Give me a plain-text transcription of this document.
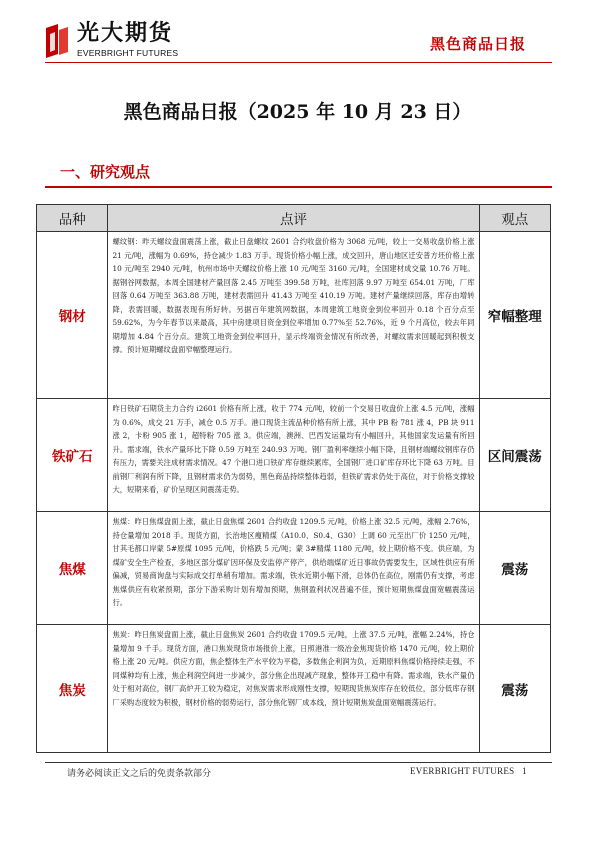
光大期货
EVERBRIGHT FUTURES	黑色商品日报
黑色商品日报（2025 年 10 月 23 日）
一、研究观点
品种	点评	观点
钢材	螺纹钢：昨天螺纹盘面震荡上涨，截止日盘螺纹 2601 合约收盘价格为 3068 元/吨，较上一交易收盘价格上涨 21 元/吨，涨幅为 0.69%，持仓减少 1.83 万手。现货价格小幅上涨，成交回升，唐山地区迁安普方坯价格上涨 10 元/吨至 2940 元/吨，杭州市场中天螺纹价格上涨 10 元/吨至 3160 元/吨，全国建材成交量 10.76 万吨。据钢谷网数据，本周全国建材产量回落 2.45 万吨至 399.58 万吨，社库回落 9.97 万吨至 654.01 万吨，厂库回落 0.64 万吨至 363.88 万吨，建材表需回升 41.43 万吨至 410.19 万吨。建材产量继续回落，库存由增转降，表需回暖，数据表现有所好转。另据百年建筑网数据，本周建筑工地资金到位率回升 0.18 个百分点至 59.62%，为今年春节以来最高，其中房建项目资金到位率增加 0.77%至 52.76%，近 9 个月高位，较去年同期增加 4.84 个百分点。建筑工地资金到位率回升，显示终端资金情况有所改善，对螺纹需求回暖起到积极支撑。预计短期螺纹盘面窄幅整理运行。	窄幅整理
铁矿石	昨日铁矿石期货主力合约 i2601 价格有所上涨，收于 774 元/吨，较前一个交易日收盘价上涨 4.5 元/吨，涨幅为 0.6%，成交 21 万手，减仓 0.5 万手。港口现货主流品种价格有所上涨，其中 PB 粉 781 涨 4，PB 块 911 涨 2，卡粉 905 涨 1，超特粉 705 涨 3。供应端，澳洲、巴西发运量均有小幅回升，其他国家发运量有所回升。需求端，铁水产量环比下降 0.59 万吨至 240.93 万吨。钢厂盈利率继续小幅下降，且钢材端螺纹钢库存仍有压力，需要关注成材需求情况。47 个港口进口铁矿库存继续累库，全国钢厂进口矿库存环比下降 63 万吨。目前钢厂利润有所下降，且钢材需求仍为弱势，黑色商品持续整体趋弱，但铁矿需求仍处于高位，对于价格支撑较大，短期来看，矿价呈现区间震荡走势。	区间震荡
焦煤	焦煤：昨日焦煤盘面上涨，截止日盘焦煤 2601 合约收盘 1209.5 元/吨，价格上涨 32.5 元/吨，涨幅 2.76%，持仓量增加 2018 手。现货方面，长治地区瘦精煤（A10.0、S0.4、G30）上调 60 元至出厂价 1250 元/吨，甘其毛都口岸蒙 5#原煤 1095 元/吨，价格跌 5 元/吨；蒙 3#精煤 1180 元/吨，较上期价格不变。供应端，为煤矿安全生产检查，多地区部分煤矿因环保及安监停产停产，供给端煤矿近日事故仍需要发生，区域性供应有所偏减，贸易商询盘与实际成交打单稍有增加。需求端，铁水近期小幅下滑，总体仍在高位，刚需仍有支撑，考虑焦煤供应有收紧预期，部分下游采购计划有增加预期，焦钢盈利状况普遍不佳，预计短期焦煤盘面宽幅震荡运行。	震荡
焦炭	焦炭：昨日焦炭盘面上涨，截止日盘焦炭 2601 合约收盘 1709.5 元/吨，上涨 37.5 元/吨，涨幅 2.24%，持仓量增加 9 千手。现货方面，港口焦炭现货市场报价上涨，日照港准一级冶金焦现货价格 1470 元/吨，较上期价格上涨 20 元/吨。供应方面，焦企整体生产水平较为平稳，多数焦企利润为负，近期原料焦煤价格持续走强，不同煤种均有上涨，焦企利润空间进一步减少，部分焦企出现减产现象，整体开工稳中有降。需求端，铁水产量仍处于相对高位，钢厂高炉开工较为稳定，对焦炭需求形成刚性支撑，短期现货焦炭库存在较低位，部分低库存钢厂采购态度较为积极，钢材价格的弱势运行，部分焦化钢厂成本线，预计短期焦炭盘面宽幅震荡运行。	震荡
请务必阅读正文之后的免责条款部分	EVERBRIGHT FUTURES 1
